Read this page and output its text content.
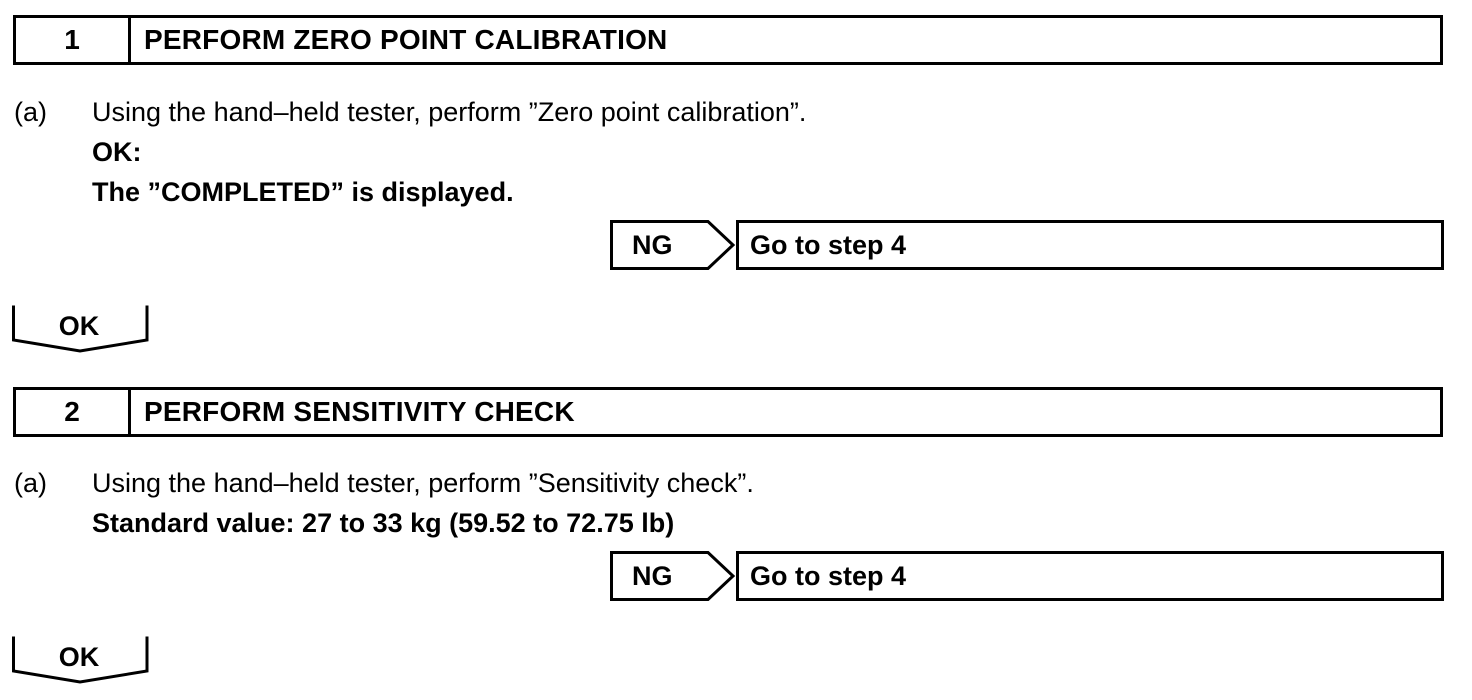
1	PERFORM ZERO POINT CALIBRATION
(a) Using the hand–held tester, perform ”Zero point calibration”.
OK:
The ”COMPLETED” is displayed.
NG	Go to step 4
OK
2	PERFORM SENSITIVITY CHECK
(a) Using the hand–held tester, perform ”Sensitivity check”.
Standard value: 27 to 33 kg (59.52 to 72.75 lb)
NG	Go to step 4
OK
